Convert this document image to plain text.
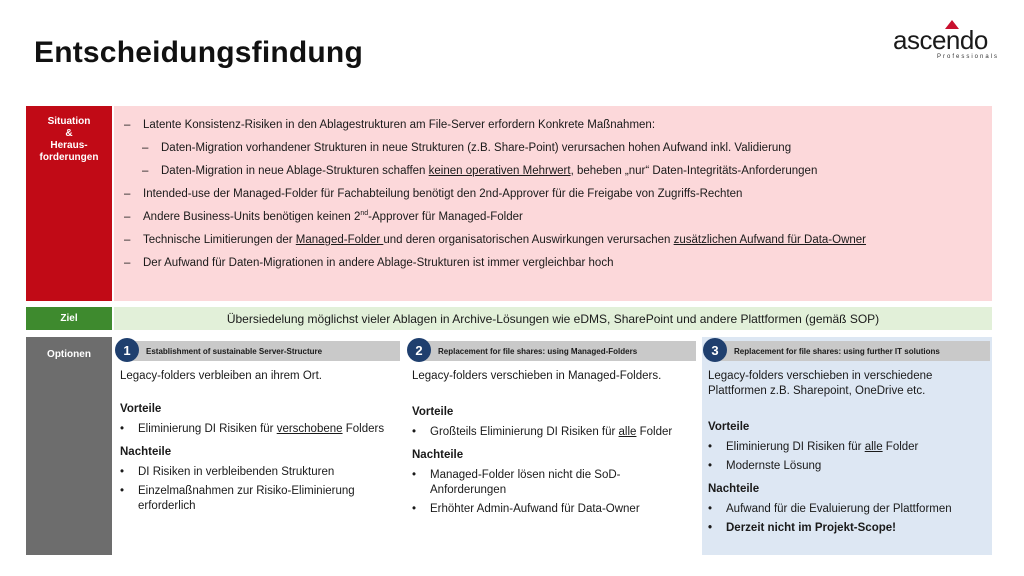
Entscheidungsfindung	ascendo
Professionals
Situation
&
Heraus-
forderungen
–	Latente Konsistenz-Risiken in den Ablagestrukturen am File-Server erfordern Konkrete Maßnahmen:
–	Daten-Migration vorhandener Strukturen in neue Strukturen (z.B. Share-Point) verursachen hohen Aufwand inkl. Validierung
–	Daten-Migration in neue Ablage-Strukturen schaffen keinen operativen Mehrwert, beheben „nur“ Daten-Integritäts-Anforderungen
–	Intended-use der Managed-Folder für Fachabteilung benötigt den 2nd-Approver für die Freigabe von Zugriffs-Rechten
–	Andere Business-Units benötigen keinen 2nd-Approver für Managed-Folder
–	Technische Limitierungen der Managed-Folder und deren organisatorischen Auswirkungen verursachen zusätzlichen Aufwand für Data-Owner
–	Der Aufwand für Daten-Migrationen in andere Ablage-Strukturen ist immer vergleichbar hoch
Ziel	Übersiedelung möglichst vieler Ablagen in Archive-Lösungen wie eDMS, SharePoint und andere Plattformen (gemäß SOP)
Optionen	1	Establishment of sustainable Server-Structure
Legacy-folders verbleiben an ihrem Ort.
Vorteile
•	Eliminierung DI Risiken für verschobene Folders
Nachteile
•	DI Risiken in verbleibenden Strukturen
•	Einzelmaßnahmen zur Risiko-Eliminierung erforderlich
2	Replacement for file shares: using Managed-Folders
Legacy-folders verschieben in Managed-Folders.
Vorteile
•	Großteils Eliminierung DI Risiken für alle Folder
Nachteile
•	Managed-Folder lösen nicht die SoD-Anforderungen
•	Erhöhter Admin-Aufwand für Data-Owner
3	Replacement for file shares: using further IT solutions
Legacy-folders verschieben in verschiedene Plattformen z.B. Sharepoint, OneDrive etc.
Vorteile
•	Eliminierung DI Risiken für alle Folder
•	Modernste Lösung
Nachteile
•	Aufwand für die Evaluierung der Plattformen
•	Derzeit nicht im Projekt-Scope!
